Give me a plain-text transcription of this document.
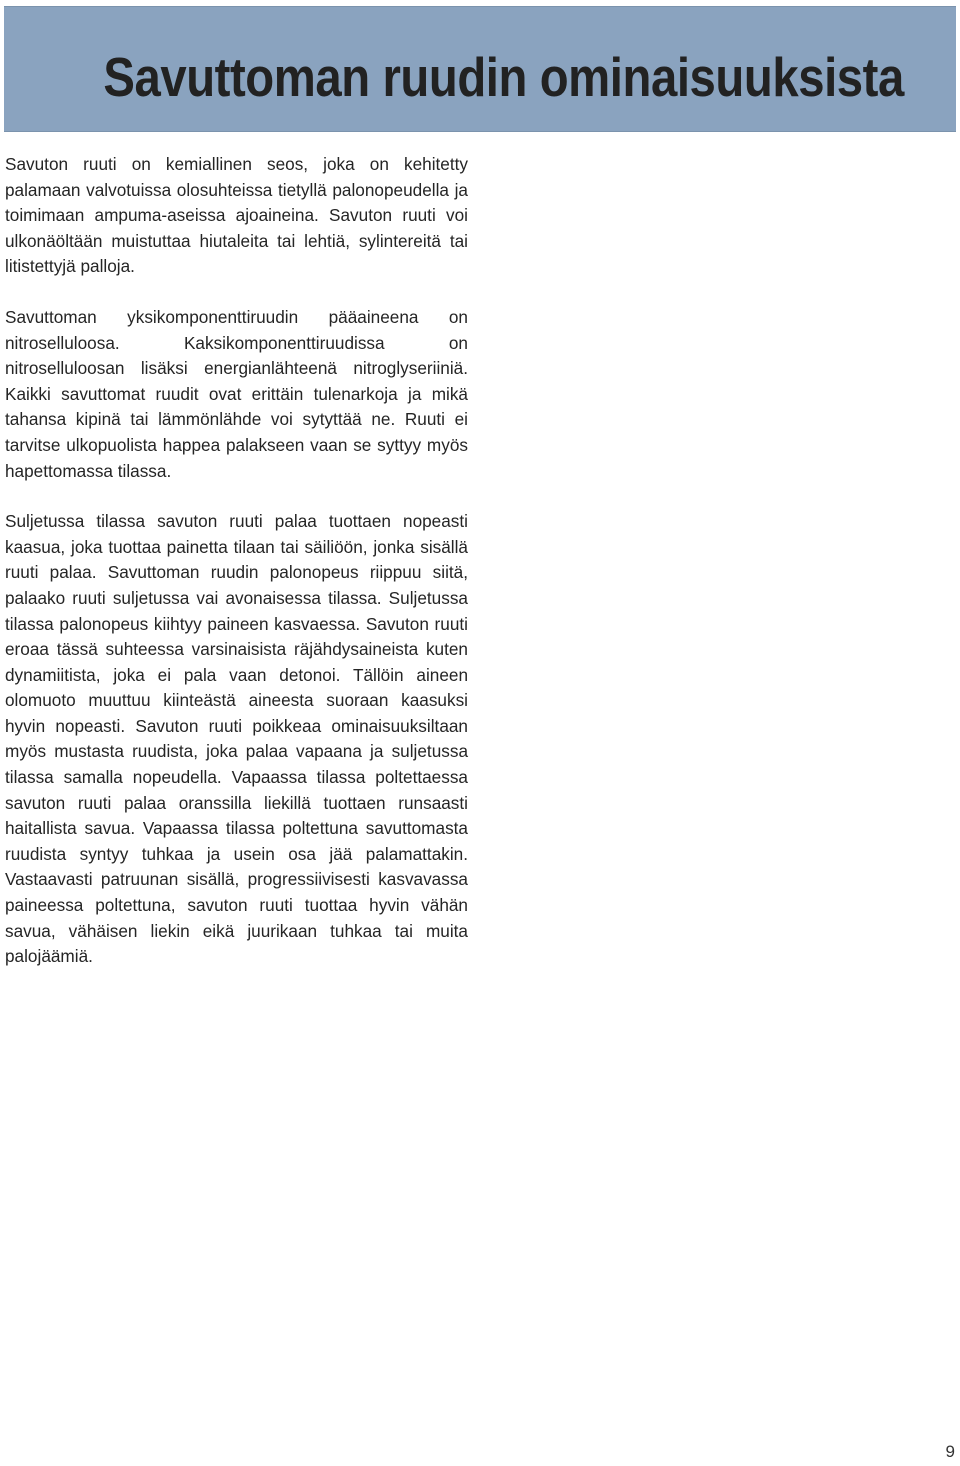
Savuttoman ruudin ominaisuuksista

Savuton ruuti on kemiallinen seos, joka on kehitetty palamaan valvotuissa olosuhteissa tietyllä palonopeudella ja toimimaan ampuma-aseissa ajoaineina. Savuton ruuti voi ulkonäöltään muistuttaa hiutaleita tai lehtiä, sylintereitä tai litistettyjä palloja.

Savuttoman yksikomponenttiruudin pääaineena on nitroselluloosa. Kaksikomponenttiruudissa on nitroselluloosan lisäksi energianlähteenä nitroglyseriiniä. Kaikki savuttomat ruudit ovat erittäin tulenarkoja ja mikä tahansa kipinä tai lämmönlähde voi sytyttää ne. Ruuti ei tarvitse ulkopuolista happea palakseen vaan se syttyy myös hapettomassa tilassa.

Suljetussa tilassa savuton ruuti palaa tuottaen nopeasti kaasua, joka tuottaa painetta tilaan tai säiliöön, jonka sisällä ruuti palaa. Savuttoman ruudin palonopeus riippuu siitä, palaako ruuti suljetussa vai avonaisessa tilassa. Suljetussa tilassa palonopeus kiihtyy paineen kasvaessa. Savuton ruuti eroaa tässä suhteessa varsinaisista räjähdysaineista kuten dynamiitista, joka ei pala vaan detonoi. Tällöin aineen olomuoto muuttuu kiinteästä aineesta suoraan kaasuksi hyvin nopeasti. Savuton ruuti poikkeaa ominaisuuksiltaan myös mustasta ruudista, joka palaa vapaana ja suljetussa tilassa samalla nopeudella. Vapaassa tilassa poltettaessa savuton ruuti palaa oranssilla liekillä tuottaen runsaasti haitallista savua. Vapaassa tilassa poltettuna savuttomasta ruudista syntyy tuhkaa ja usein osa jää palamattakin. Vastaavasti patruunan sisällä, progressiivisesti kasvavassa paineessa poltettuna, savuton ruuti tuottaa hyvin vähän savua, vähäisen liekin eikä juurikaan tuhkaa tai muita palojäämiä.

9
